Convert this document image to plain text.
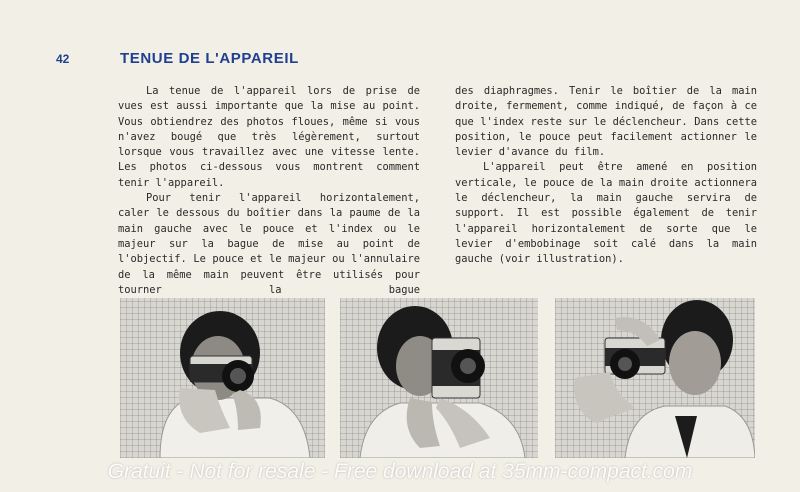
42	TENUE DE L'APPAREIL

La tenue de l'appareil lors de prise de vues est aussi importante que la mise au point. Vous obtiendrez des photos floues, même si vous n'avez bougé que très légèrement, surtout lorsque vous travaillez avec une vitesse lente. Les photos ci-dessous vous montrent comment tenir l'appareil.

Pour tenir l'appareil horizontalement, caler le dessous du boîtier dans la paume de la main gauche avec le pouce et l'index ou le majeur sur la bague de mise au point de l'objectif. Le pouce et le majeur ou l'annulaire de la même main peuvent être utilisés pour tourner la bague

des diaphragmes. Tenir le boîtier de la main droite, fermement, comme indiqué, de façon à ce que l'index reste sur le déclencheur. Dans cette position, le pouce peut facilement actionner le levier d'avance du film.

L'appareil peut être amené en position verticale, le pouce de la main droite actionnera le déclencheur, la main gauche servira de support. Il est possible également de tenir l'appareil horizontalement de sorte que le levier d'embobinage soit calé dans la main gauche (voir illustration).

Gratuit - Not for resale - Free download at 35mm-compact.com
